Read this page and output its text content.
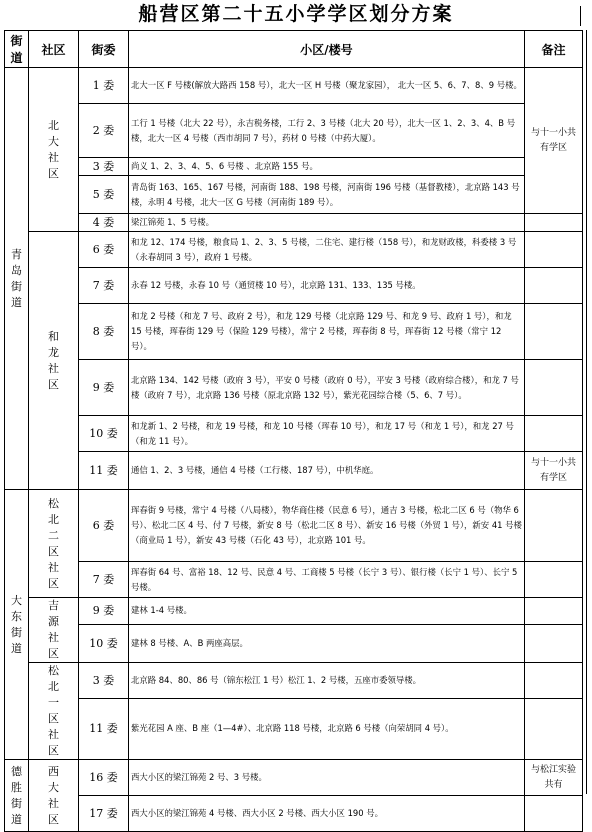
船营区第二十五小学学区划分方案
街道	社区	街委	小区/楼号	备注
青岛街道	北大社区	1 委	北大一区 F 号楼(解放大路西 158 号），北大一区 H 号楼（聚龙家园）， 北大一区 5、6、7、8、9 号楼。	与十一小共有学区
		2 委	工行 1 号楼（北大 22 号），永吉税务楼，工行 2、3 号楼（北大 20 号），北大一区 1、2、3、4、B 号楼，北大一区 4 号楼（西市胡同 7 号），药材 0 号楼（中药大厦）。	
		3 委	尚义 1、2、3、4、5、6 号楼 、北京路 155 号。	
		5 委	青岛街 163、165、167 号楼，河南街 188、198 号楼，河南街 196 号楼（基督教楼），北京路 143 号楼，永明 4 号楼，北大一区 G 号楼（河南街 189 号）。	
		4 委	梁江锦苑 1、5 号楼。	
	和龙社区	6 委	和龙 12、174 号楼，粮食局 1、2、3、5 号楼，二住宅、建行楼（158 号），和龙财政楼，科委楼 3 号（永春胡同 3 号），政府 1 号楼。	
		7 委	永春 12 号楼，永春 10 号（通贸楼 10 号），北京路 131、133、135 号楼。	
		8 委	和龙 2 号楼（和龙 7 号、政府 2 号），和龙 129 号楼（北京路 129 号、和龙 9 号、政府 1 号），和龙 15 号楼，珲春街 129 号（保险 129 号楼），常宁 2 号楼，珲春街 8 号，珲春街 12 号楼（常宁 12 号）。	
		9 委	北京路 134、142 号楼（政府 3 号），平安 0 号楼（政府 0 号），平安 3 号楼（政府综合楼），和龙 7 号楼（政府 7 号），北京路 136 号楼（原北京路 132 号），紫光花园综合楼（5、6、7 号）。	
		10 委	和龙新 1、2 号楼，和龙 19 号楼，和龙 10 号楼（珲春 10 号），和龙 17 号（和龙 1 号），和龙 27 号（和龙 11 号）。	
		11 委	通信 1、2、3 号楼，通信 4 号楼（工行楼、187 号），中机华庭。	与十一小共有学区
大东街道	松北二区社区	6 委	珲春街 9 号楼，常宁 4 号楼（八局楼），物华商住楼（民意 6 号），通吉 3 号楼，松北二区 6 号（物华 6 号）、松北二区 4 号、付 7 号楼，新安 8 号（松北二区 8 号）、新安 16 号楼（外贸 1 号），新安 41 号楼（商业局 1 号），新安 43 号楼（石化 43 号），北京路 101 号。	
		7 委	珲春街 64 号、富裕 18、12 号、民意 4 号、工商楼 5 号楼（长宁 3 号）、银行楼（长宁 1 号）、长宁 5 号楼。	
	吉源社区	9 委	建林 1-4 号楼。	
		10 委	建林 8 号楼、A、B 两座高层。	
	松北一区社区	3 委	北京路 84、80、86 号（锦东松江 1 号）松江 1、2 号楼，五座市委领导楼。	
		11 委	紫光花园 A 座、B 座（1—4#）、北京路 118 号楼，北京路 6 号楼（向荣胡同 4 号）。	
德胜街道	西大社区	16 委	西大小区的梁江锦苑 2 号、3 号楼。	与松江实验共有
		17 委	西大小区的梁江锦苑 4 号楼、西大小区 2 号楼、西大小区 190 号。	
